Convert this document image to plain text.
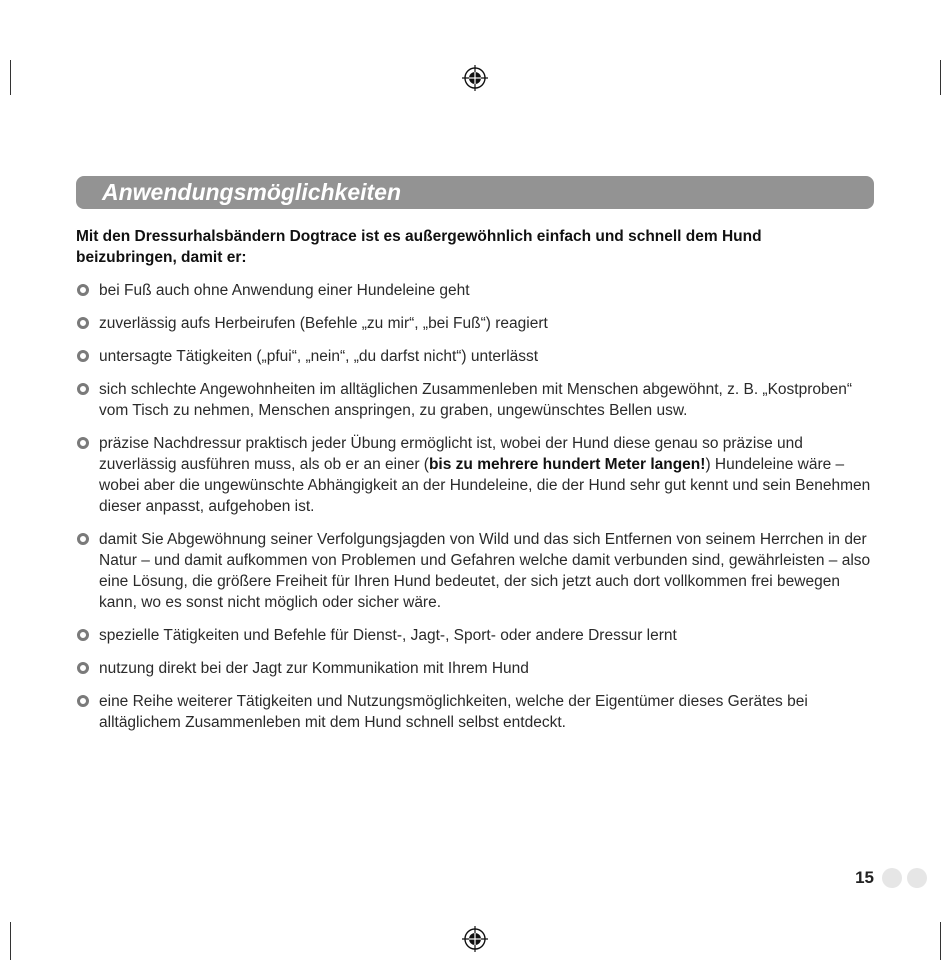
Anwendungsmöglichkeiten

Mit den Dressurhalsbändern Dogtrace ist es außergewöhnlich einfach und schnell dem Hund beizubringen, damit er:

bei Fuß auch ohne Anwendung einer Hundeleine geht
zuverlässig aufs Herbeirufen (Befehle „zu mir“, „bei Fuß“) reagiert
untersagte Tätigkeiten („pfui“, „nein“, „du darfst nicht“) unterlässt
sich schlechte Angewohnheiten im alltäglichen Zusammenleben mit Menschen abgewöhnt, z. B. „Kostproben“ vom Tisch zu nehmen, Menschen anspringen, zu graben, ungewünschtes Bellen usw.
präzise Nachdressur praktisch jeder Übung ermöglicht ist, wobei der Hund diese genau so präzise und zuverlässig ausführen muss, als ob er an einer (bis zu mehrere hundert Meter langen!) Hundeleine wäre – wobei aber die ungewünschte Abhängigkeit an der Hundeleine, die der Hund sehr gut kennt und sein Benehmen dieser anpasst, aufgehoben ist.
damit Sie Abgewöhnung seiner Verfolgungsjagden von Wild und das sich Entfernen von seinem Herrchen in der Natur – und damit aufkommen von Problemen und Gefahren welche damit verbunden sind, gewährleisten – also eine Lösung, die größere Freiheit für Ihren Hund bedeutet, der sich jetzt auch dort vollkommen frei bewegen kann, wo es sonst nicht möglich oder sicher wäre.
spezielle Tätigkeiten und Befehle für Dienst-, Jagt-, Sport- oder andere Dressur lernt
nutzung direkt bei der Jagt zur Kommunikation mit Ihrem Hund
eine Reihe weiterer Tätigkeiten und Nutzungsmöglichkeiten, welche der Eigentümer dieses Gerätes bei alltäglichem Zusammenleben mit dem Hund schnell selbst entdeckt.
15
